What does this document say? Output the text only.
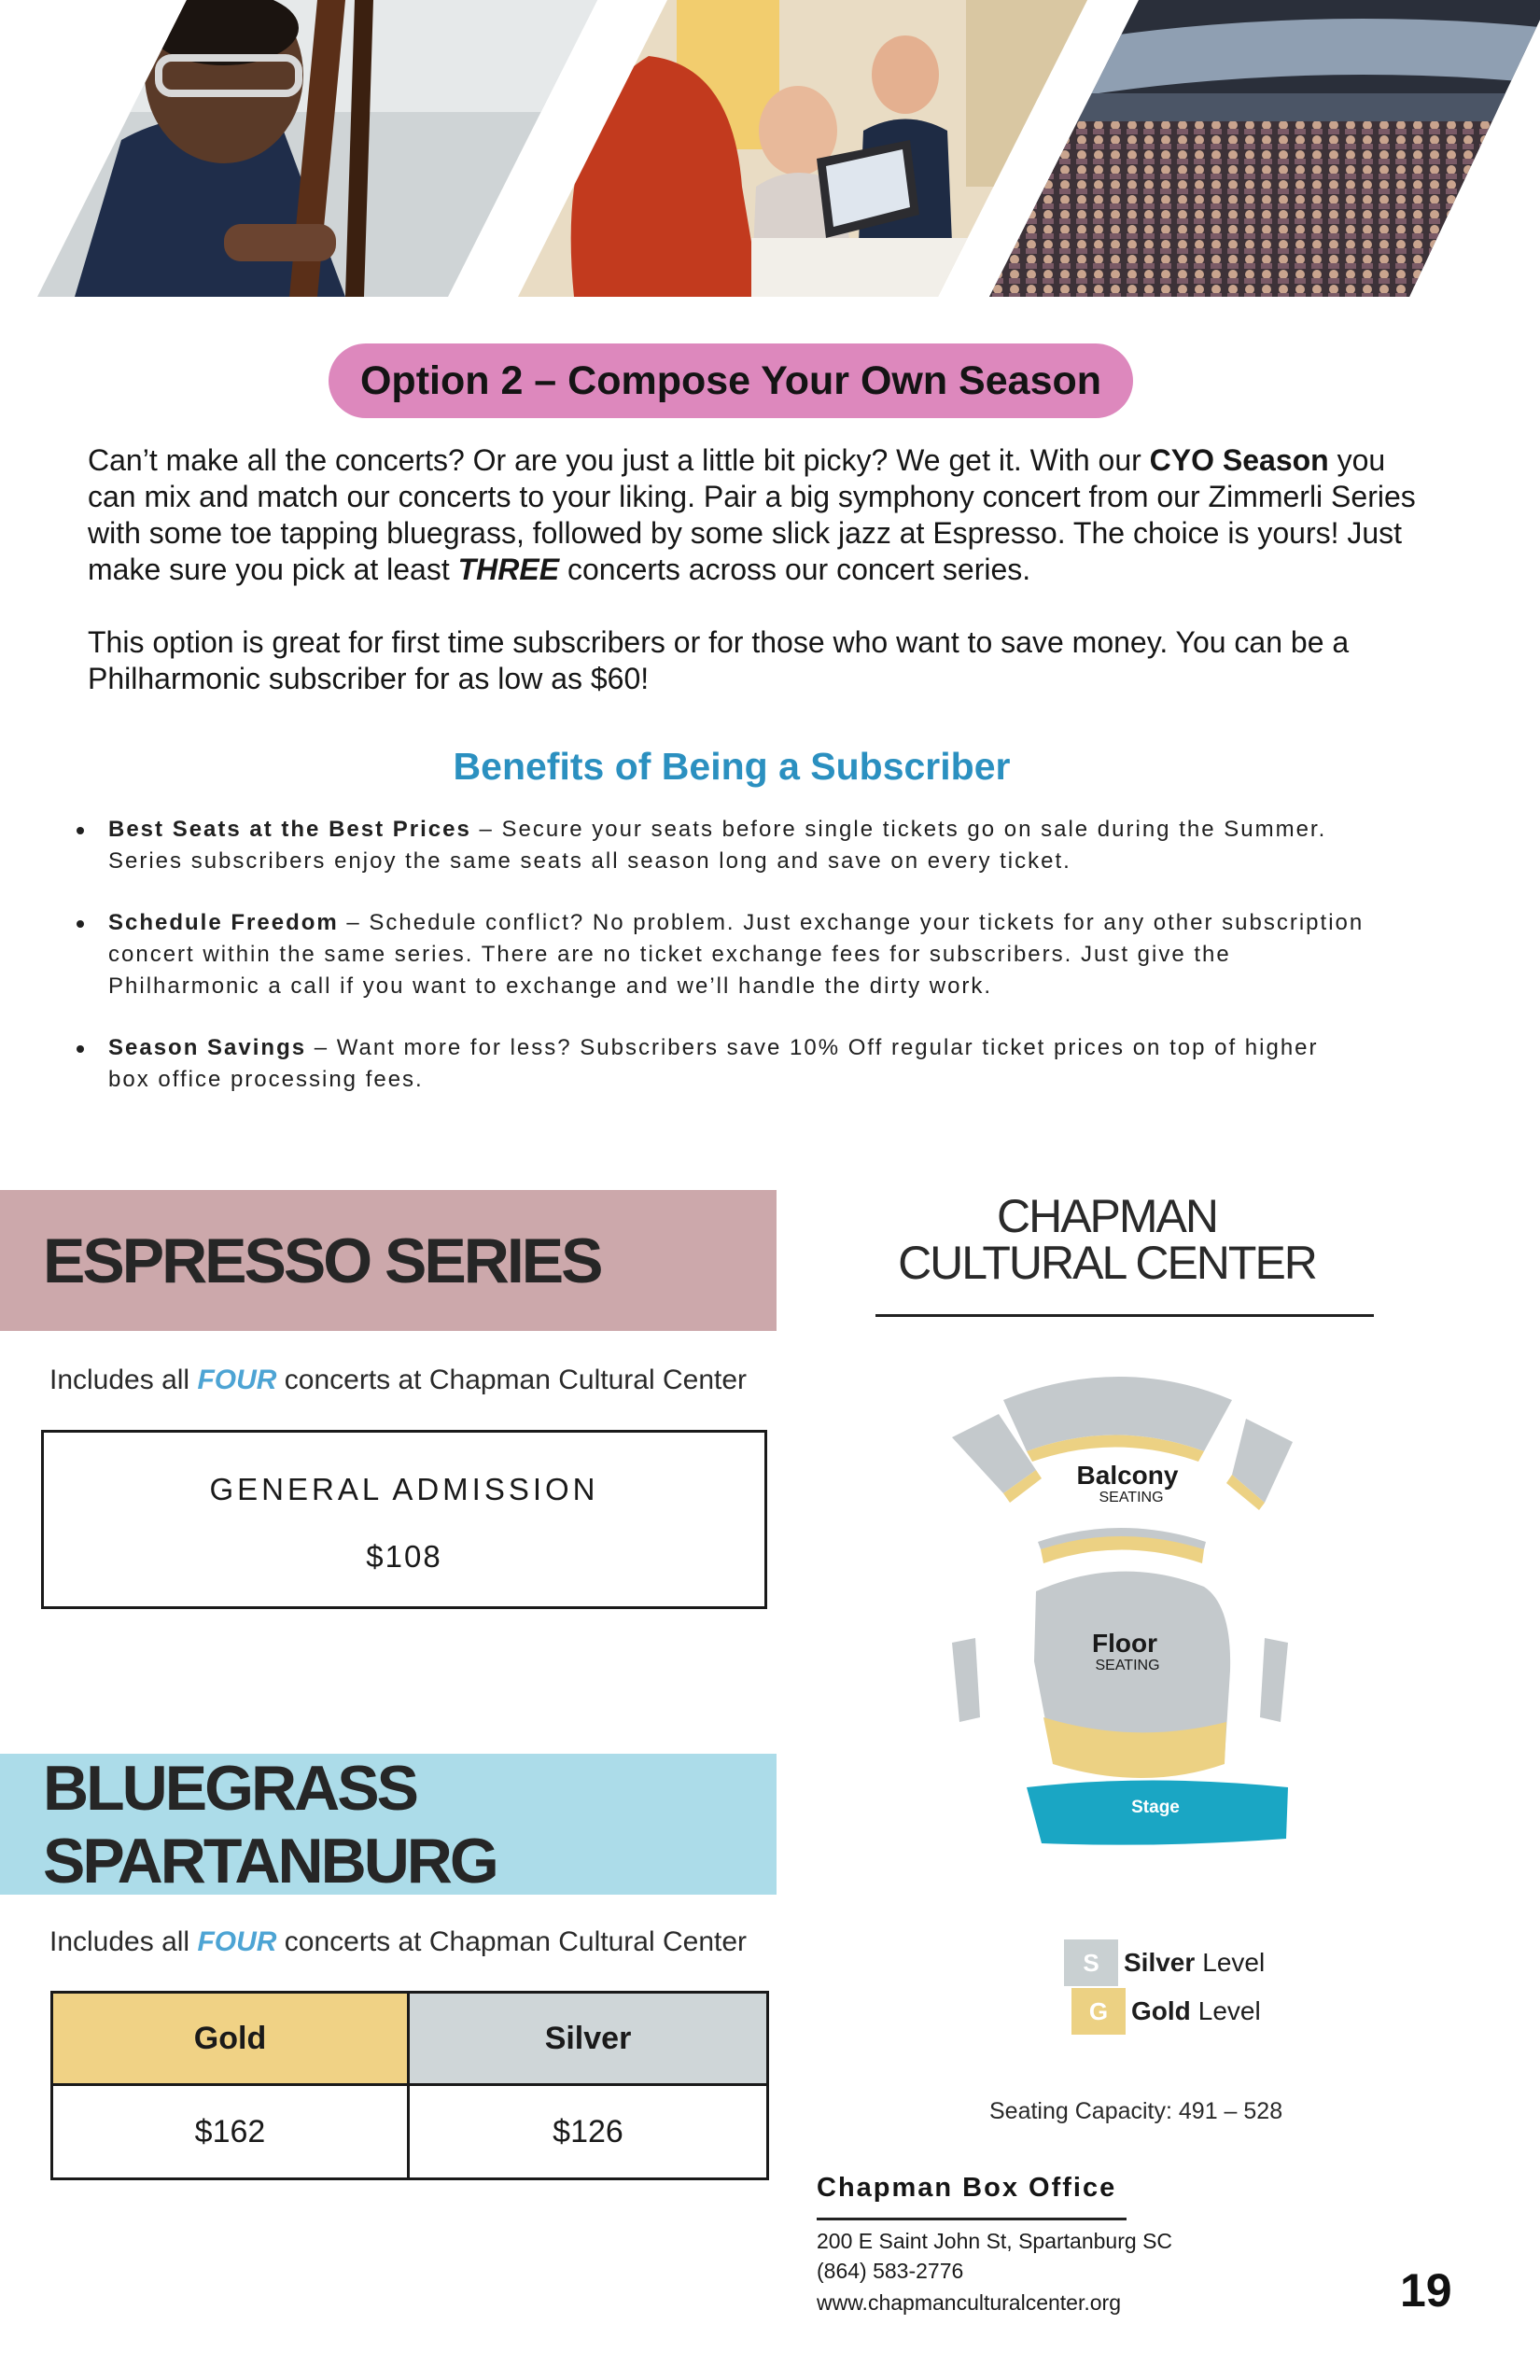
Option 2 – Compose Your Own Season

Can’t make all the concerts? Or are you just a little bit picky? We get it. With our CYO Season you can mix and match our concerts to your liking. Pair a big symphony concert from our Zimmerli Series with some toe tapping bluegrass, followed by some slick jazz at Espresso. The choice is yours! Just make sure you pick at least THREE concerts across our concert series.

This option is great for first time subscribers or for those who want to save money. You can be a Philharmonic subscriber for as low as $60!

Benefits of Being a Subscriber
Best Seats at the Best Prices – Secure your seats before single tickets go on sale during the Summer. Series subscribers enjoy the same seats all season long and save on every ticket.
Schedule Freedom – Schedule conflict? No problem. Just exchange your tickets for any other subscription concert within the same series. There are no ticket exchange fees for subscribers. Just give the Philharmonic a call if you want to exchange and we’ll handle the dirty work.
Season Savings – Want more for less? Subscribers save 10% Off regular ticket prices on top of higher box office processing fees.
ESPRESSO SERIES
Includes all FOUR concerts at Chapman Cultural Center
GENERAL ADMISSION
$108
BLUEGRASS SPARTANBURG
Includes all FOUR concerts at Chapman Cultural Center
Gold	Silver
$162	$126
CHAPMAN
CULTURAL CENTER
Balcony
SEATING
Floor
SEATING
Stage
S Silver Level
G Gold Level
Seating Capacity: 491 – 528
Chapman Box Office
200 E Saint John St, Spartanburg SC
(864) 583-2776
www.chapmanculturalcenter.org	19
